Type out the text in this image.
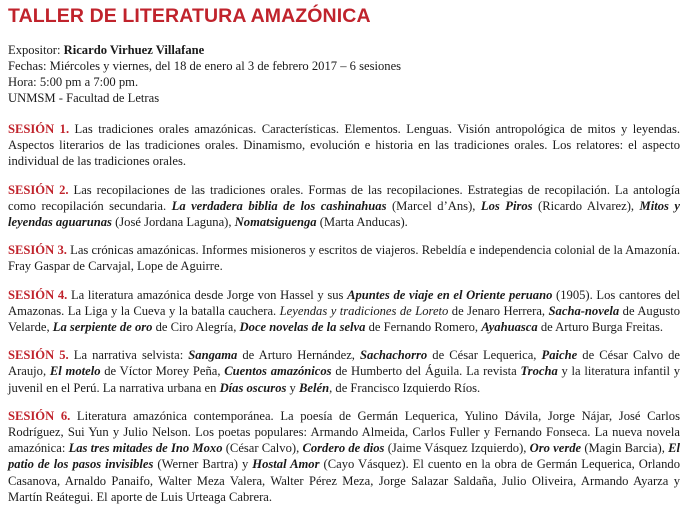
TALLER DE LITERATURA AMAZÓNICA
Expositor: Ricardo Virhuez Villafane
Fechas: Miércoles y viernes, del 18 de enero al 3 de febrero 2017 – 6 sesiones
Hora: 5:00 pm a 7:00 pm.
UNMSM - Facultad de Letras

SESIÓN 1. Las tradiciones orales amazónicas. Características. Elementos. Lenguas. Visión antropológica de mitos y leyendas. Aspectos literarios de las tradiciones orales. Dinamismo, evolución e historia en las tradiciones orales. Los relatores: el aspecto individual de las tradiciones orales.

SESIÓN 2. Las recopilaciones de las tradiciones orales. Formas de las recopilaciones. Estrategias de recopilación. La antología como recopilación secundaria. La verdadera biblia de los cashinahuas (Marcel d’Ans), Los Piros (Ricardo Alvarez), Mitos y leyendas aguarunas (José Jordana Laguna), Nomatsiguenga (Marta Anducas).

SESIÓN 3. Las crónicas amazónicas. Informes misioneros y escritos de viajeros. Rebeldía e independencia colonial de la Amazonía. Fray Gaspar de Carvajal, Lope de Aguirre.

SESIÓN 4. La literatura amazónica desde Jorge von Hassel y sus Apuntes de viaje en el Oriente peruano (1905). Los cantores del Amazonas. La Liga y la Cueva y la batalla cauchera. Leyendas y tradiciones de Loreto de Jenaro Herrera, Sacha-novela de Augusto Velarde, La serpiente de oro de Ciro Alegría, Doce novelas de la selva de Fernando Romero, Ayahuasca de Arturo Burga Freitas.

SESIÓN 5. La narrativa selvista: Sangama de Arturo Hernández, Sachachorro de César Lequerica, Paiche de César Calvo de Araujo, El motelo de Víctor Morey Peña, Cuentos amazónicos de Humberto del Águila. La revista Trocha y la literatura infantil y juvenil en el Perú. La narrativa urbana en Días oscuros y Belén, de Francisco Izquierdo Ríos.

SESIÓN 6. Literatura amazónica contemporánea. La poesía de Germán Lequerica, Yulino Dávila, Jorge Nájar, José Carlos Rodríguez, Sui Yun y Julio Nelson. Los poetas populares: Armando Almeida, Carlos Fuller y Fernando Fonseca. La nueva novela amazónica: Las tres mitades de Ino Moxo (César Calvo), Cordero de dios (Jaime Vásquez Izquierdo), Oro verde (Magin Barcia), El patio de los pasos invisibles (Werner Bartra) y Hostal Amor (Cayo Vásquez). El cuento en la obra de Germán Lequerica, Orlando Casanova, Arnaldo Panaifo, Walter Meza Valera, Walter Pérez Meza, Jorge Salazar Saldaña, Julio Oliveira, Armando Ayarza y Martín Reátegui. El aporte de Luis Urteaga Cabrera.
